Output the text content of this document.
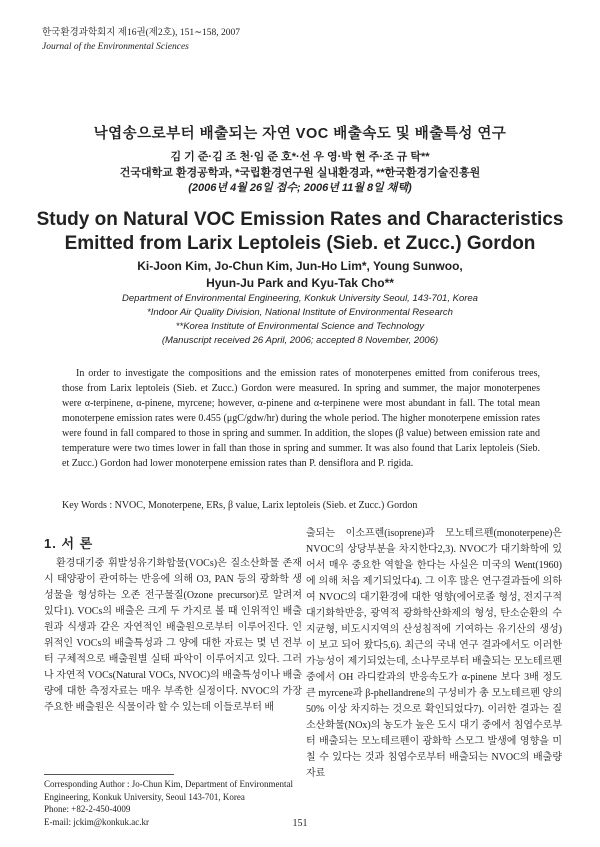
한국환경과학회지 제16권(제2호), 151∼158, 2007
Journal of the Environmental Sciences
낙엽송으로부터 배출되는 자연 VOC 배출속도 및 배출특성 연구
김 기 준·김 조 천·임 준 호*·선 우 영·박 현 주·조 규 탁**
건국대학교 환경공학과, *국립환경연구원 실내환경과, **한국환경기술진흥원
(2006년 4월 26일 접수; 2006년 11월 8일 채택)
Study on Natural VOC Emission Rates and Characteristics
Emitted from Larix Leptoleis (Sieb. et Zucc.) Gordon
Ki-Joon Kim, Jo-Chun Kim, Jun-Ho Lim*, Young Sunwoo,
Hyun-Ju Park and Kyu-Tak Cho**
Department of Environmental Engineering, Konkuk University Seoul, 143-701, Korea
*Indoor Air Quality Division, National Institute of Environmental Research
**Korea Institute of Environmental Science and Technology
(Manuscript received 26 April, 2006; accepted 8 November, 2006)

In order to investigate the compositions and the emission rates of monoterpenes emitted from coniferous trees, those from Larix leptoleis (Sieb. et Zucc.) Gordon were measured. In spring and summer, the major monoterpenes were α-terpinene, α-pinene, myrcene; however, α-pinene and α-terpinene were most abundant in fall. The total mean monoterpene emission rates were 0.455 (μgC/gdw/hr) during the whole period. The higher monoterpene emission rates were found in fall compared to those in spring and summer. In addition, the slopes (β value) between emission rate and temperature were two times lower in fall than those in spring and summer. It was also found that Larix leptoleis (Sieb. et Zucc.) Gordon had lower monoterpene emission rates than P. densiflora and P. rigida.

Key Words : NVOC, Monoterpene, ERs, β value, Larix leptoleis (Sieb. et Zucc.) Gordon
1. 서 론

환경대기중 휘발성유기화합물(VOCs)은 질소산화물 존재 시 태양광이 관여하는 반응에 의해 O3, PAN 등의 광화학 생성물을 형성하는 오존 전구물질(Ozone precursor)로 알려져 있다1). VOCs의 배출은 크게 두 가지로 볼 때 인위적인 배출원과 식생과 같은 자연적인 배출원으로부터 이루어진다. 인위적인 VOCs의 배출특성과 그 양에 대한 자료는 몇 년 전부터 구체적으로 배출원별 실태 파악이 이루어지고 있다. 그러나 자연적 VOCs(Natural VOCs, NVOC)의 배출특성이나 배출량에 대한 측정자료는 매우 부족한 실정이다. NVOC의 가장 주요한 배출원은 식물이라 할 수 있는데 이들로부터 배

출되는 이소프렌(isoprene)과 모노테르펜(monoterpene)은 NVOC의 상당부분을 차지한다2,3). NVOC가 대기화학에 있어서 매우 중요한 역할을 한다는 사실은 미국의 Went(1960)에 의해 처음 제기되었다4). 그 이후 많은 연구결과들에 의하여 NVOC의 대기환경에 대한 영향(에어로졸 형성, 전지구적 대기화학반응, 광역적 광화학산화제의 형성, 탄소순환의 수지균형, 비도시지역의 산성침적에 기여하는 유기산의 생성)이 보고 되어 왔다5,6). 최근의 국내 연구 결과에서도 이러한 가능성이 제기되었는데, 소나무로부터 배출되는 모노테르펜 중에서 OH 라디칼과의 반응속도가 α-pinene 보다 3배 정도 큰 myrcene과 β-phellandrene의 구성비가 총 모노테르펜 양의 50% 이상 차지하는 것으로 확인되었다7). 이러한 결과는 질소산화물(NOx)의 농도가 높은 도시 대기 중에서 침엽수로부터 배출되는 모노테르펜이 광화학 스모그 발생에 영향을 미칠 수 있다는 것과 침엽수로부터 배출되는 NVOC의 배출량 자료

Corresponding Author : Jo-Chun Kim, Department of Environmental Engineering, Konkuk University, Seoul 143-701, Korea
Phone: +82-2-450-4009
E-mail: jckim@konkuk.ac.kr	151
